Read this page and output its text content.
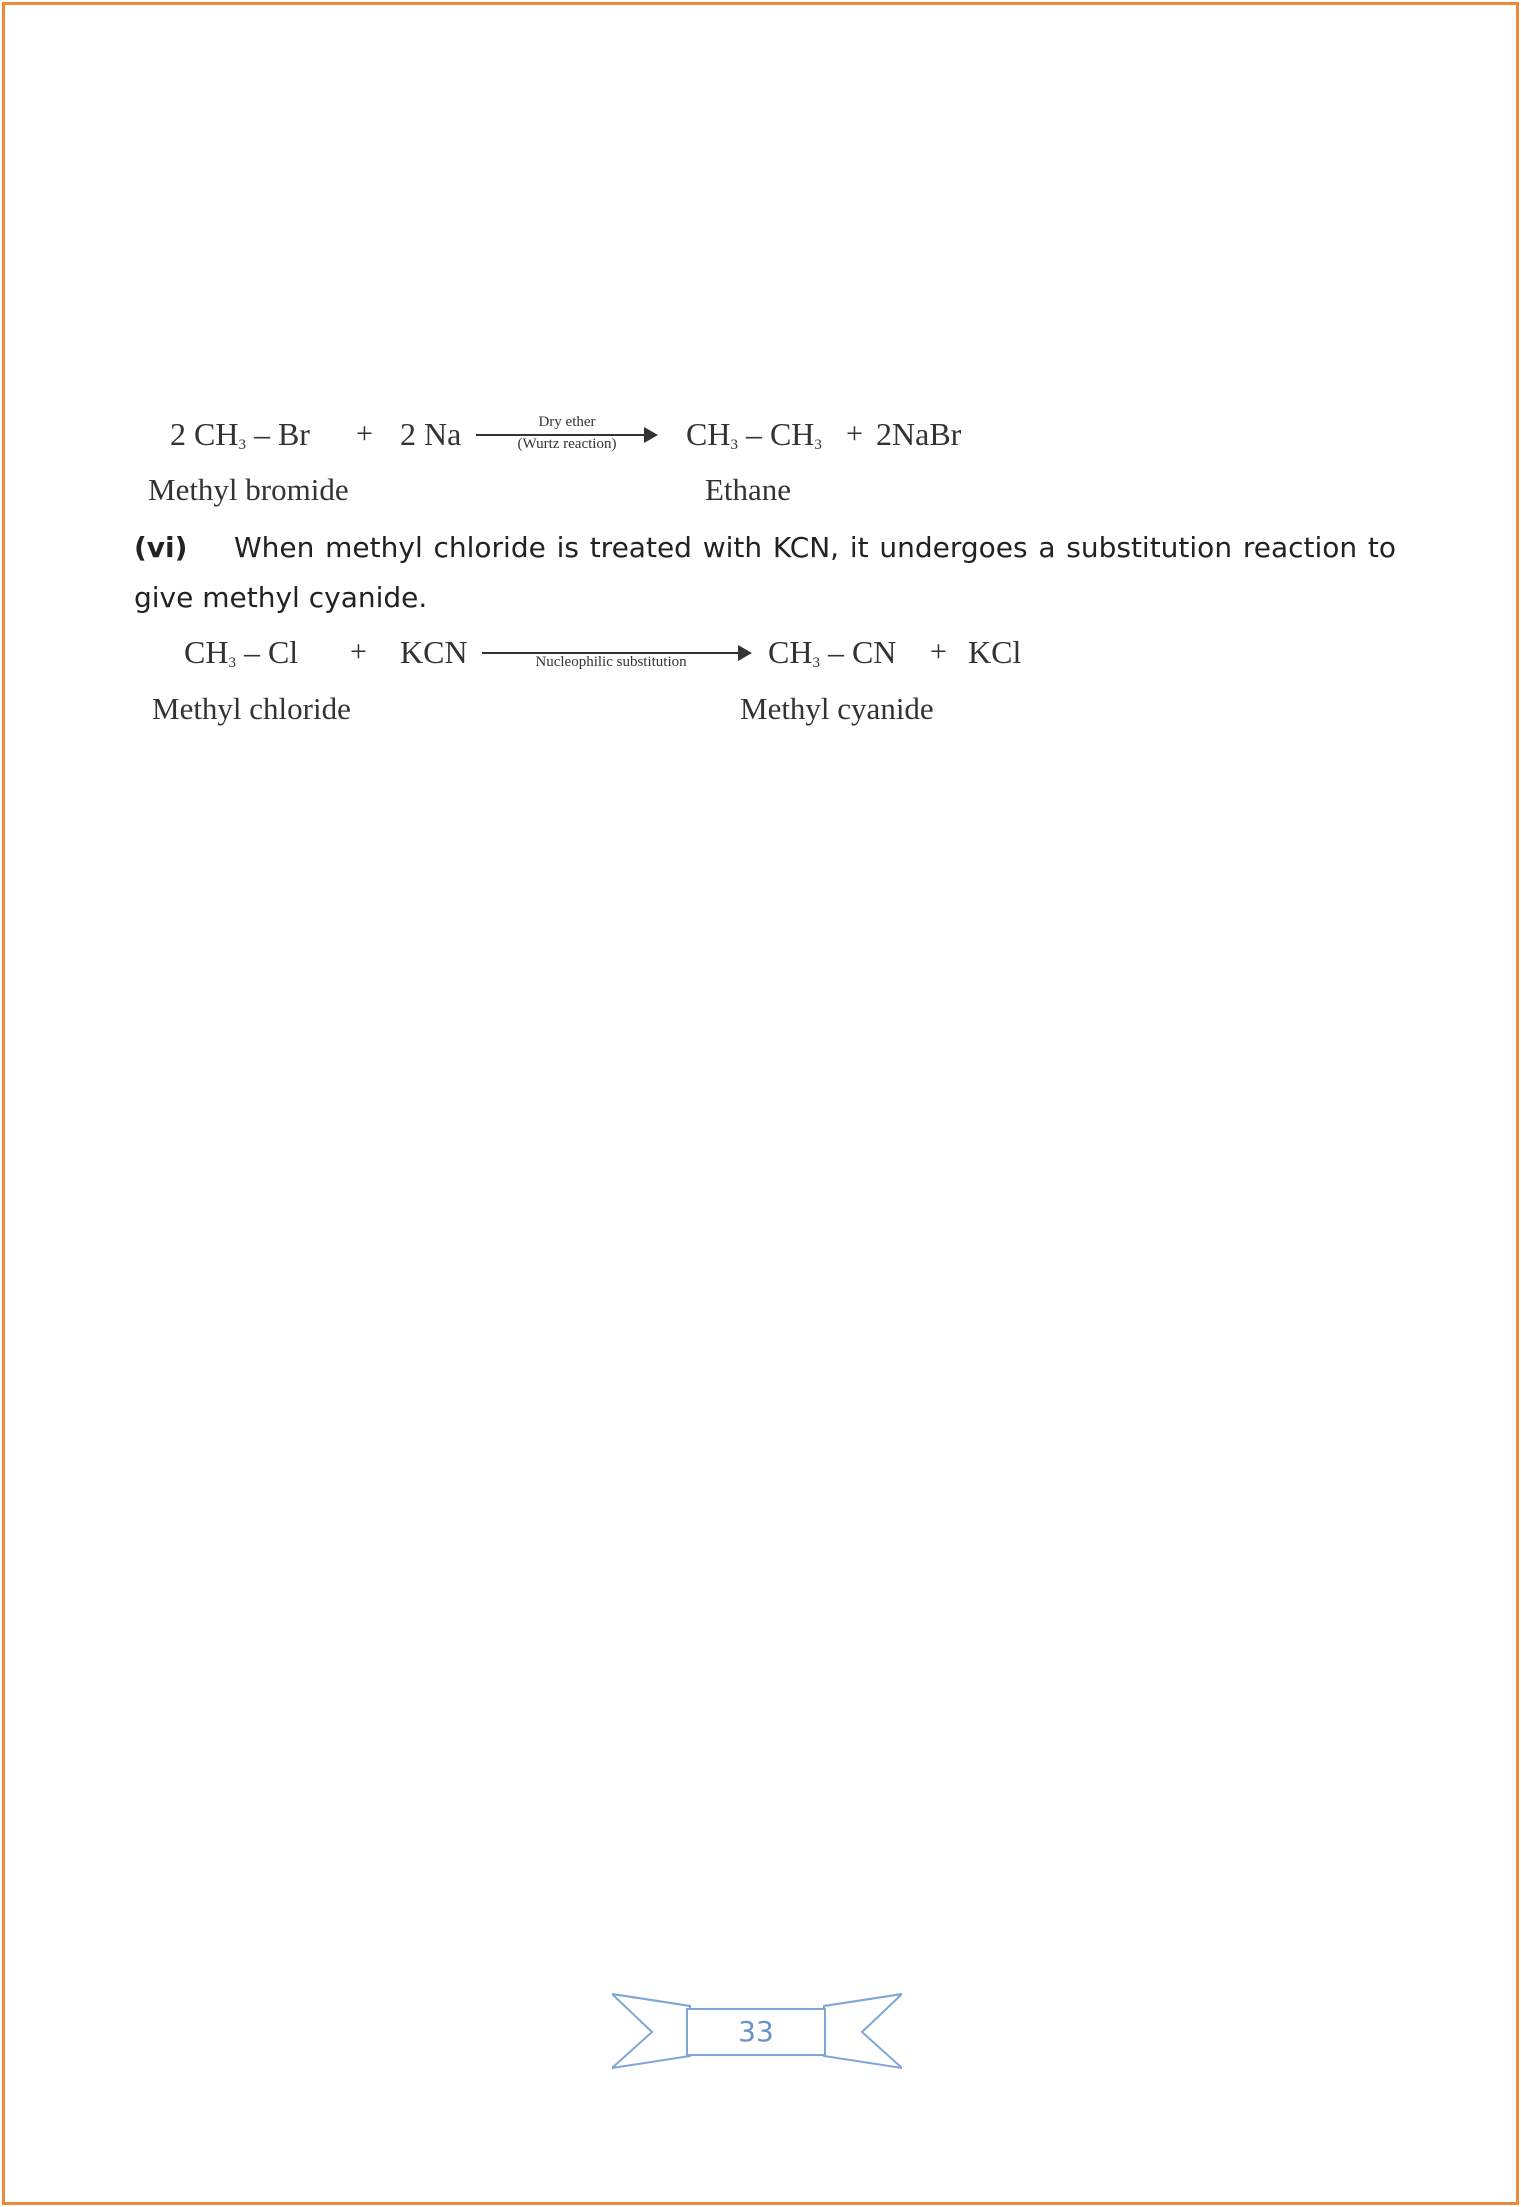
2 $CH_3 - Br + 2$ Na	Dry ether
(Wurtz reaction)	$CH_3 - CH_3$ + 2NaBr
Methyl bromide	Ethane
(vi) When methyl chloride is treated with KCN, it undergoes a substitution reaction to give methyl cyanide.
$CH_3$ – Cl + KCN	Nucleophilic substitution	$CH_3$ – CN + KCl
Methyl chloride	Methyl cyanide
33
